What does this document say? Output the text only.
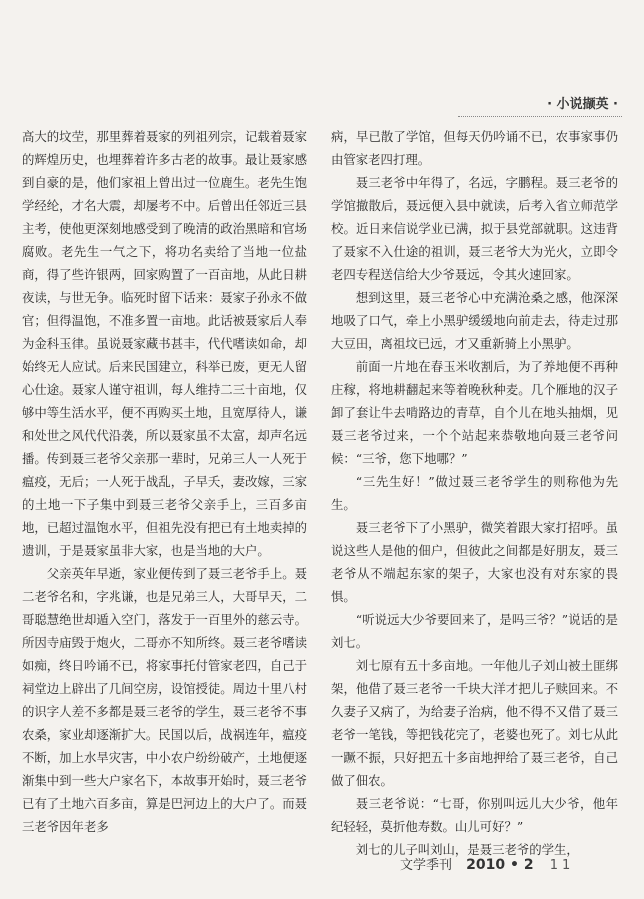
· 小说撷英 ·

高大的坟茔，那里葬着聂家的列祖列宗，记载着聂家的辉煌历史，也埋葬着许多古老的故事。最让聂家感到自豪的是，他们家祖上曾出过一位鹿生。老先生饱学经纶，才名大震，却屡考不中。后曾出任邻近三县主考，使他更深刻地感受到了晚清的政治黑暗和官场腐败。老先生一气之下，将功名卖给了当地一位盐商，得了些许银两，回家购置了一百亩地，从此日耕夜读，与世无争。临死时留下话来：聂家子孙永不做官；但得温饱，不准多置一亩地。此话被聂家后人奉为金科玉律。虽说聂家藏书甚丰，代代嗜读如命，却始终无人应试。后来民国建立，科举已废，更无人留心仕途。聂家人谨守祖训，每人维持二三十亩地，仅够中等生活水平，便不再购买土地，且宽厚待人，谦和处世之风代代沿袭，所以聂家虽不太富，却声名远播。传到聂三老爷父亲那一辈时，兄弟三人一人死于瘟疫，无后；一人死于战乱，子早夭，妻改嫁，三家的土地一下子集中到聂三老爷父亲手上，三百多亩地，已超过温饱水平，但祖先没有把已有土地卖掉的遗训，于是聂家虽非大家，也是当地的大户。

父亲英年早逝，家业便传到了聂三老爷手上。聂二老爷名和，字兆谦，也是兄弟三人，大哥早天，二哥聪慧绝世却遁入空门，落发于一百里外的慈云寺。所因寺庙毁于炮火，二哥亦不知所终。聂三老爷嗜读如痴，终日吟诵不已，将家事托付管家老四，自己于祠堂边上辟出了几间空房，设馆授徒。周边十里八村的识字人差不多都是聂三老爷的学生，聂三老爷不事农桑，家业却逐渐扩大。民国以后，战祸连年，瘟疫不断，加上水旱灾害，中小农户纷纷破产，土地便逐渐集中到一些大户家名下，本故事开始时，聂三老爷已有了土地六百多亩，算是巴河边上的大户了。而聂三老爷因年老多

病，早已散了学馆，但每天仍吟诵不已，农事家事仍由管家老四打理。

聂三老爷中年得了，名远，字鹏程。聂三老爷的学馆撤散后，聂远便入县中就读，后考入省立师范学校。近日来信说学业已满，拟于县党部就职。这违背了聂家不入仕途的祖训，聂三老爷大为光火，立即令老四专程送信给大少爷聂远，令其火速回家。

想到这里，聂三老爷心中充满沧桑之感，他深深地吸了口气，牵上小黑驴缓缓地向前走去，待走过那大豆田，离祖坟已远，才又重新骑上小黑驴。

前面一片地在春玉米收割后，为了养地便不再种庄稼，将地耕翻起来等着晚秋种麦。几个雁地的汉子卸了套让牛去啃路边的青草，自个儿在地头抽烟，见聂三老爷过来，一个个站起来恭敬地向聂三老爷问候：“三爷，您下地哪？”

“三先生好！”做过聂三老爷学生的则称他为先生。

聂三老爷下了小黑驴，微笑着跟大家打招呼。虽说这些人是他的佃户，但彼此之间都是好朋友，聂三老爷从不端起东家的架子，大家也没有对东家的畏惧。

“听说远大少爷要回来了，是吗三爷？”说话的是刘七。

刘七原有五十多亩地。一年他儿子刘山被土匪绑架，他借了聂三老爷一千块大洋才把儿子赎回来。不久妻子又病了，为给妻子治病，他不得不又借了聂三老爷一笔钱，等把钱花完了，老婆也死了。刘七从此一蹶不振，只好把五十多亩地押给了聂三老爷，自己做了佃农。

聂三老爷说：“七哥，你别叫远儿大少爷，他年纪轻轻，莫折他寿数。山儿可好？”

刘七的儿子叫刘山，是聂三老爷的学生，

文学季刊 2010 • 2 11
